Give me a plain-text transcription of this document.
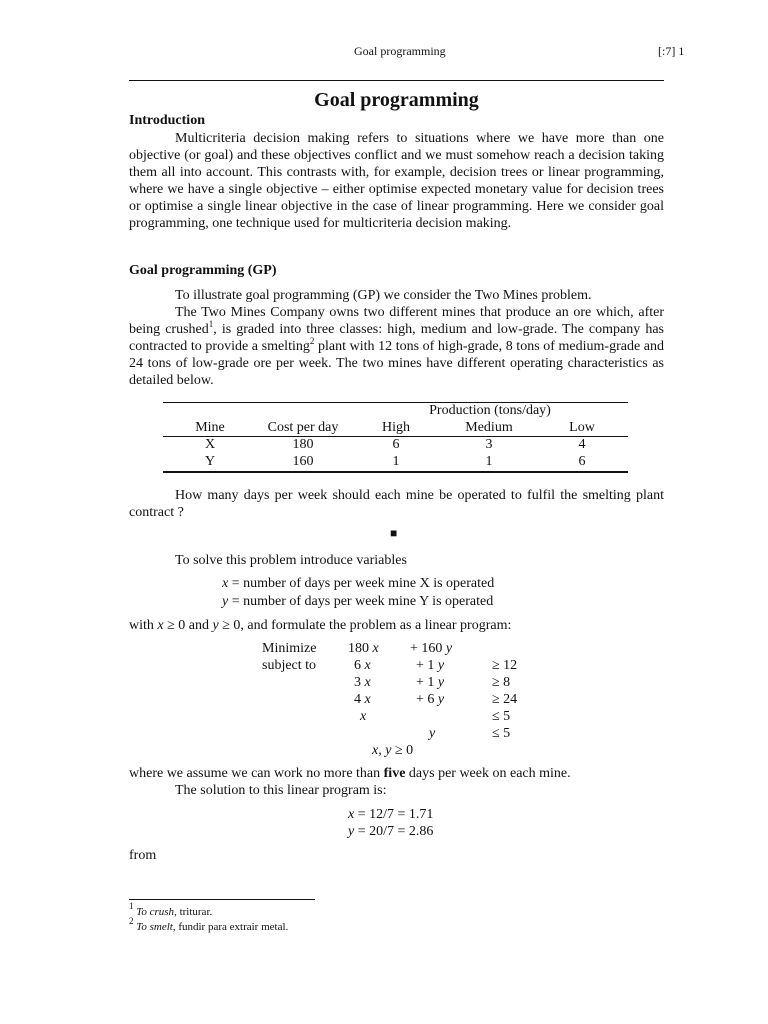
Goal programming	[:7] 1
Goal programming
Introduction

Multicriteria decision making refers to situations where we have more than one objective (or goal) and these objectives conflict and we must somehow reach a decision taking them all into account. This contrasts with, for example, decision trees or linear programming, where we have a single objective – either optimise expected monetary value for decision trees or optimise a single linear objective in the case of linear programming. Here we consider goal programming, one technique used for multicriteria decision making.

Goal programming (GP)

To illustrate goal programming (GP) we consider the Two Mines problem.

The Two Mines Company owns two different mines that produce an ore which, after being crushed$^1$, is graded into three classes: high, medium and low-grade. The company has contracted to provide a smelting$^2$ plant with 12 tons of high-grade, 8 tons of medium-grade and 24 tons of low-grade ore per week. The two mines have different operating characteristics as detailed below.

Production (tons/day)
Mine	Cost per day	High	Medium	Low
X	180	6	3	4
Y	160	1	1	6

How many days per week should each mine be operated to fulfil the smelting plant contract ?

■

To solve this problem introduce variables

x = number of days per week mine X is operated
y = number of days per week mine Y is operated
with x ≥ 0 and y ≥ 0, and formulate the problem as a linear program:
Minimize 180 x + 160 y
subject to	6 x	+ 1 y	≥ 12
3 x	+ 1 y	≥ 8
4 x	+ 6 y	≥ 24
x	≤ 5
y	≤ 5
x, y ≥ 0
where we assume we can work no more than five days per week on each mine.
The solution to this linear program is:
x = 12/7 = 1.71
y = 20/7 = 2.86
from
$^1$ To crush, triturar.
$^2$ To smelt, fundir para extrair metal.
